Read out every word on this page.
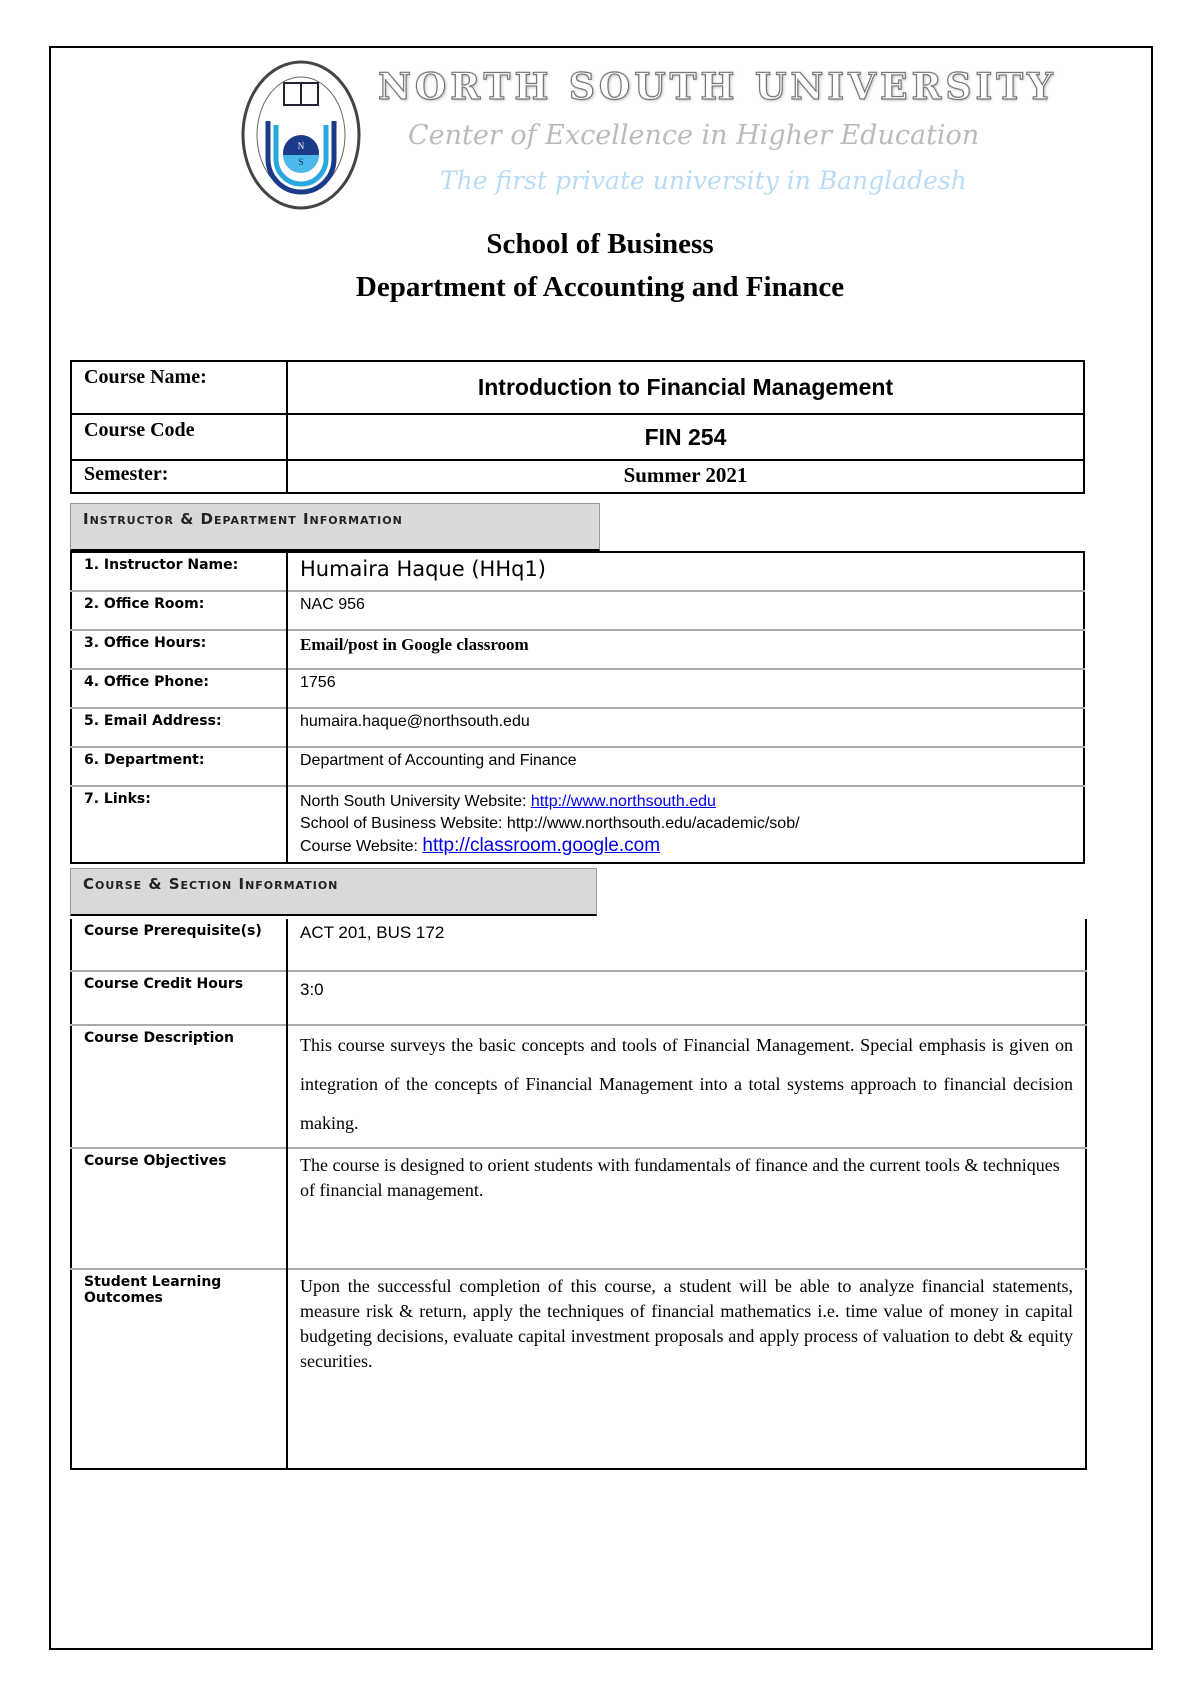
N
S
NORTH SOUTH UNIVERSITY
Center of Excellence in Higher Education
The first private university in Bangladesh
School of Business
Department of Accounting and Finance
Course Name:	Introduction to Financial Management
Course Code	FIN 254
Semester:	Summer 2021
Instructor & Department Information
1. Instructor Name:	Humaira Haque (HHq1)
2. Office Room:	NAC 956
3. Office Hours:	Email/post in Google classroom
4. Office Phone:	1756
5. Email Address:	humaira.haque@northsouth.edu
6. Department:	Department of Accounting and Finance
7. Links:	North South University Website: http://www.northsouth.edu
School of Business Website: http://www.northsouth.edu/academic/sob/
Course Website: http://classroom.google.com
Course & Section Information
Course Prerequisite(s)	ACT 201, BUS 172
Course Credit Hours	3:0
Course Description	This course surveys the basic concepts and tools of Financial Management. Special emphasis is given on integration of the concepts of Financial Management into a total systems approach to financial decision making.
Course Objectives	The course is designed to orient students with fundamentals of finance and the current tools & techniques of financial management.
Student Learning Outcomes	Upon the successful completion of this course, a student will be able to analyze financial statements, measure risk & return, apply the techniques of financial mathematics i.e. time value of money in capital budgeting decisions, evaluate capital investment proposals and apply process of valuation to debt & equity securities.
